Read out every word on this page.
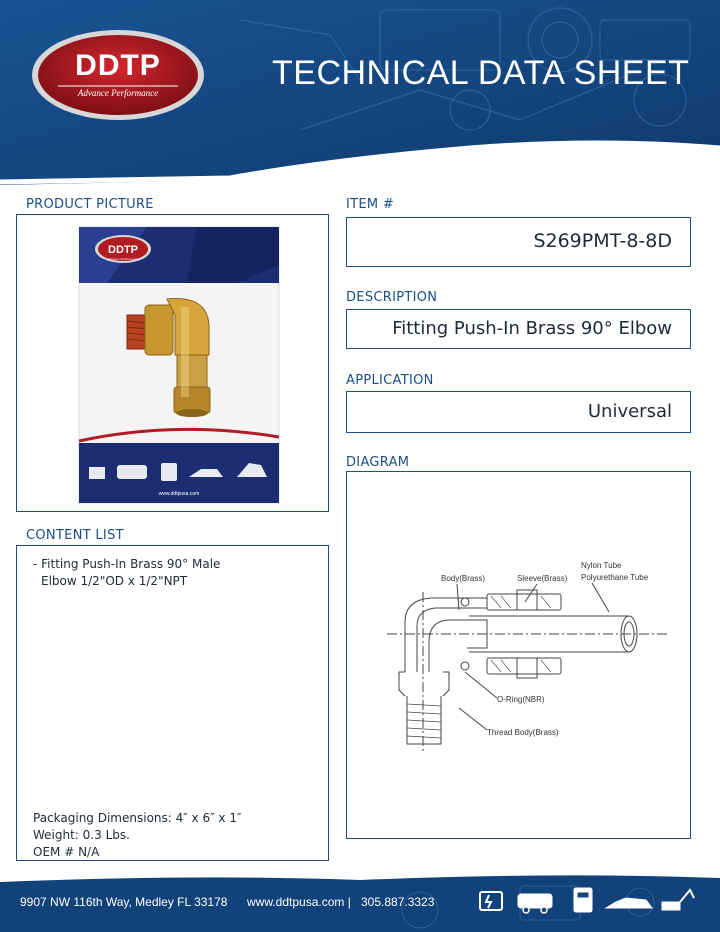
DDTP
Advance Performance
TECHNICAL DATA SHEET
PRODUCT PICTURE
DDTP
Advance Performance
www.ddtpusa.com
ITEM #
S269PMT-8-8D
DESCRIPTION
Fitting Push-In Brass 90° Elbow
APPLICATION
Universal
DIAGRAM
Body(Brass)	Sleeve(Brass)
Nylon Tube
Polyurethane Tube
O-Ring(NBR)
Thread Body(Brass)
CONTENT LIST
- Fitting Push-In Brass 90° Male
Elbow 1/2"OD x 1/2"NPT
Packaging Dimensions: 4″ x 6″ x 1″
Weight: 0.3 Lbs.
OEM # N/A
9907 NW 116th Way, Medley FL 33178 www.ddtpusa.com | 305.887.3323
